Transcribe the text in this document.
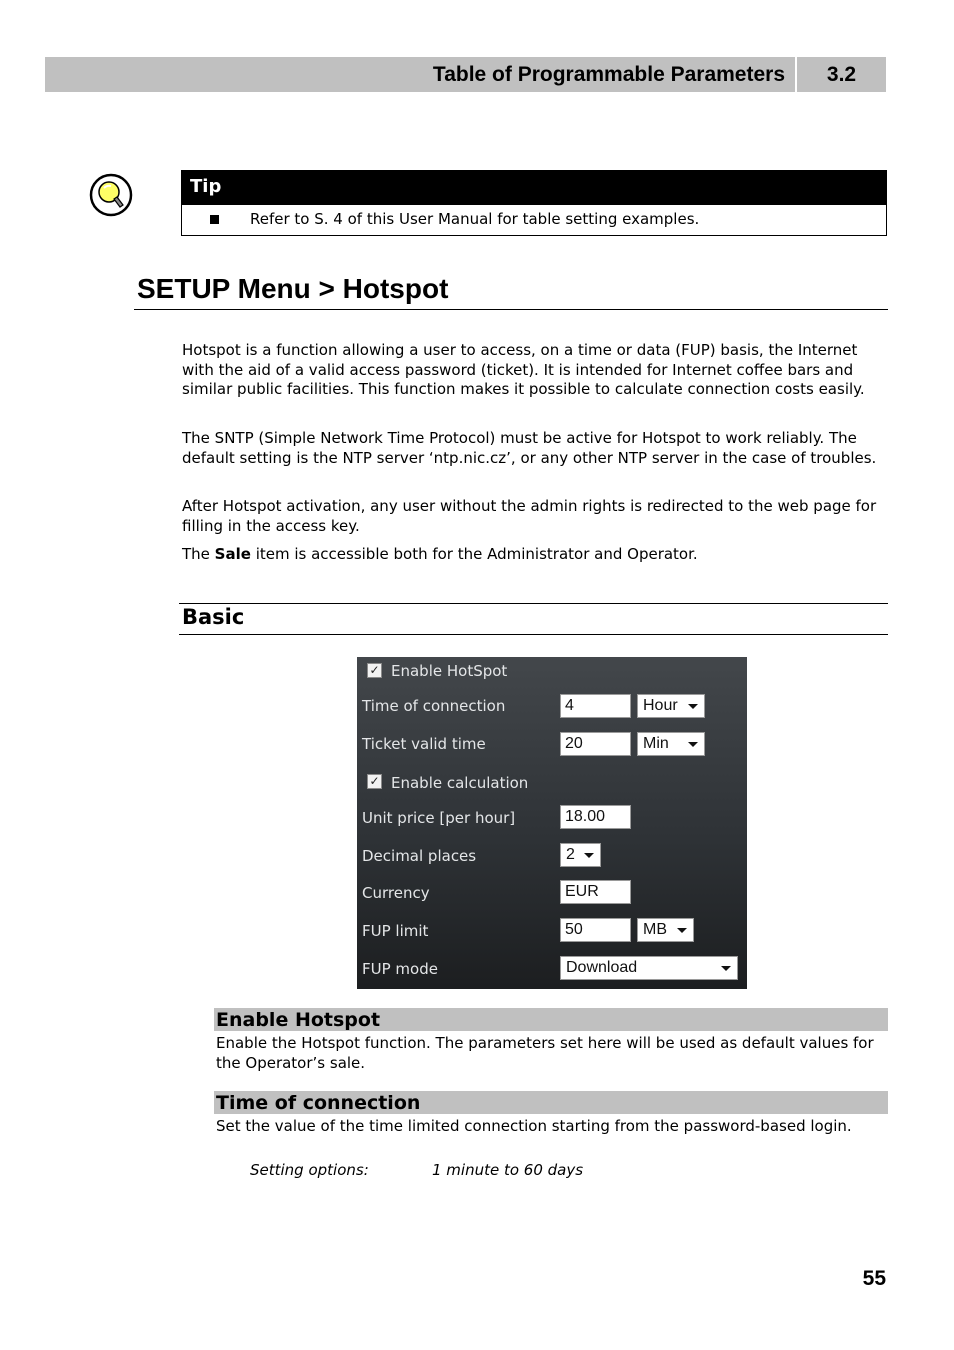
Table of Programmable Parameters	3.2
Tip
Refer to S. 4 of this User Manual for table setting examples.
SETUP Menu > Hotspot

Hotspot is a function allowing a user to access, on a time or data (FUP) basis, the Internet with the aid of a valid access password (ticket). It is intended for Internet coffee bars and similar public facilities. This function makes it possible to calculate connection costs easily.

The SNTP (Simple Network Time Protocol) must be active for Hotspot to work reliably. The default setting is the NTP server ‘ntp.nic.cz’, or any other NTP server in the case of troubles.

After Hotspot activation, any user without the admin rights is redirected to the web page for filling in the access key.

The Sale item is accessible both for the Administrator and Operator.

Basic
✓ Enable HotSpot
Time of connection	4	Hour
Ticket valid time	20	Min
✓ Enable calculation
Unit price [per hour]	18.00
Decimal places	2
Currency	EUR
FUP limit	50	MB
FUP mode	Download
Enable Hotspot

Enable the Hotspot function. The parameters set here will be used as default values for the Operator’s sale.

Time of connection

Set the value of the time limited connection starting from the password-based login.

Setting options:	1 minute to 60 days
55
